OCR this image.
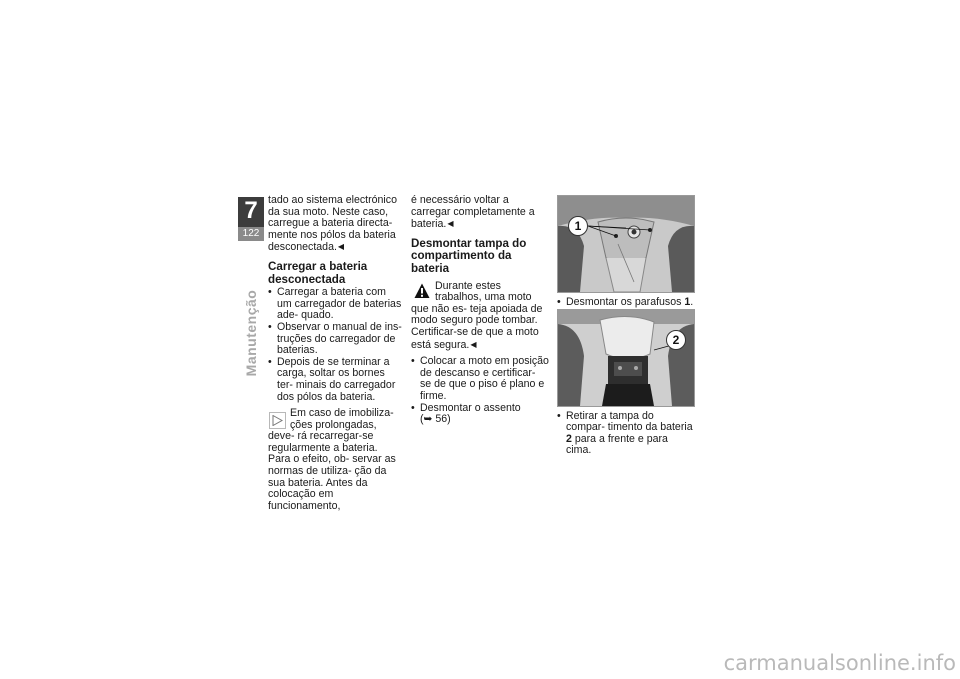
7
122
Manutenção

tado ao sistema electrónico da sua moto. Neste caso, carregue a bateria directa- mente nos pólos da bateria desconectada.◀

Carregar a bateria desconectada
• Carregar a bateria com um carregador de baterias ade- quado.
• Observar o manual de ins- truções do carregador de baterias.
• Depois de se terminar a carga, soltar os bornes ter- minais do carregador dos pólos da bateria.
Em caso de imobiliza- ções prolongadas, deve- rá recarregar-se regularmente a bateria. Para o efeito, ob- servar as normas de utiliza- ção da sua bateria. Antes da colocação em funcionamento,

é necessário voltar a carregar completamente a bateria.◀

Desmontar tampa do compartimento da bateria
Durante estes trabalhos, uma moto que não es- teja apoiada de modo seguro pode tombar.

Certificar-se de que a moto está segura.◀

• Colocar a moto em posição de descanso e certificar- se de que o piso é plano e firme.
• Desmontar o assento
(➥ 56)
1
• Desmontar os parafusos 1.
2
• Retirar a tampa do compar- timento da bateria 2 para a frente e para cima.
carmanualsonline.info
